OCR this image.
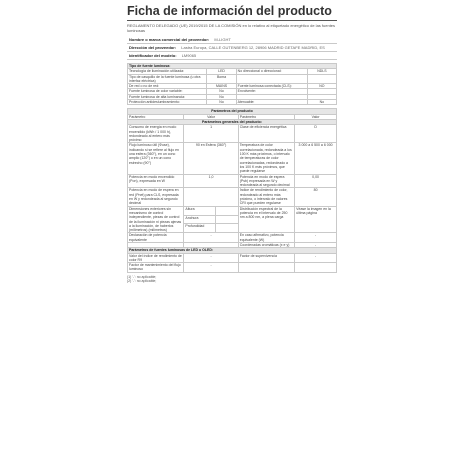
Ficha de información del producto
REGLAMENTO DELEGADO (UE) 2019/2015 DE LA COMISIÓN en lo relativo al etiquetado energético de las fuentes luminosas
Nombre o marca comercial del proveedor: M-LIGHT
Dirección del proveedor: Lastra Europa, CALLE GUTENBERG 12, 28906 MADRID GETAFE MADRID, ES
Identificador del modelo: LM9065
Tipo de fuente luminosa:			
Tecnología de iluminación utilizada:	LED	No direccional o direccional:	NDLS
Tipo de casquillo de la fuente luminosa (u otra interfaz eléctrica)	Boma		
De red o no de red:	MAINS	Fuente luminosa conectada (CLS):	NO
Fuente luminosa de color variable:	No	Envolvente:	
Fuente luminosa de alta luminancia:	No		
Protección antideslumbramiento:	No	Atenuable:	No
Parámetros del producto				
Parámetro	Valor		Parámetro	Valor
Parámetros generales del producto:				
Consumo de energía en modo encendido (kWh / 1 000 h), redondeado al entero más próximo	1		Clase de eficiencia energética	D
Flujo luminoso útil (Φuse), indicando si se refiere al flujo en una esfera (360°), en un cono amplio (120°) o en un cono estrecho (90°)	90 en Esfera (360°)		Temperatura de color correlacionada, redondeada a los 100 K más próximos, o intervalo de temperaturas de color correlacionadas, redondeado a los 100 K más próximos, que puede regularse	3 000 a 6 500 a 6 000
Potencia en modo encendido (Pon), expresada en W	1,0		Potencia en modo de espera (Psb) expresada en W y redondeada al segundo decimal	0,00
Potencia en modo de espera en red (Pnet) para CLS, expresada en W y redondeada al segundo decimal			Índice de rendimiento de color, redondeado al entero más próximo, o intervalo de valores CRI que pueden regularse	80
Dimensiones exteriores sin mecanismo de control independiente, piezas de control de la iluminación ni piezas ajenas a la iluminación, de haberlos (milímetros) (milímetros)	Altura		Distribución espectral de la potencia en el intervalo de 250 nm a 800 nm, a plena carga	Véase la imagen en la última página
	Anchura			
	Profundidad			
Declaración de potencia equivalente	-		En caso afirmativo, potencia equivalente (W)	-
			Coordenadas cromáticas (x e y)	-
Parámetros de fuentes luminosas de LED u OLED:				
Valor del índice de rendimiento de color R9	-		Factor de supervivencia	-
Factor de mantenimiento del flujo luminoso	-			
(1) '-': no aplicable;
(2) '-': no aplicable;
